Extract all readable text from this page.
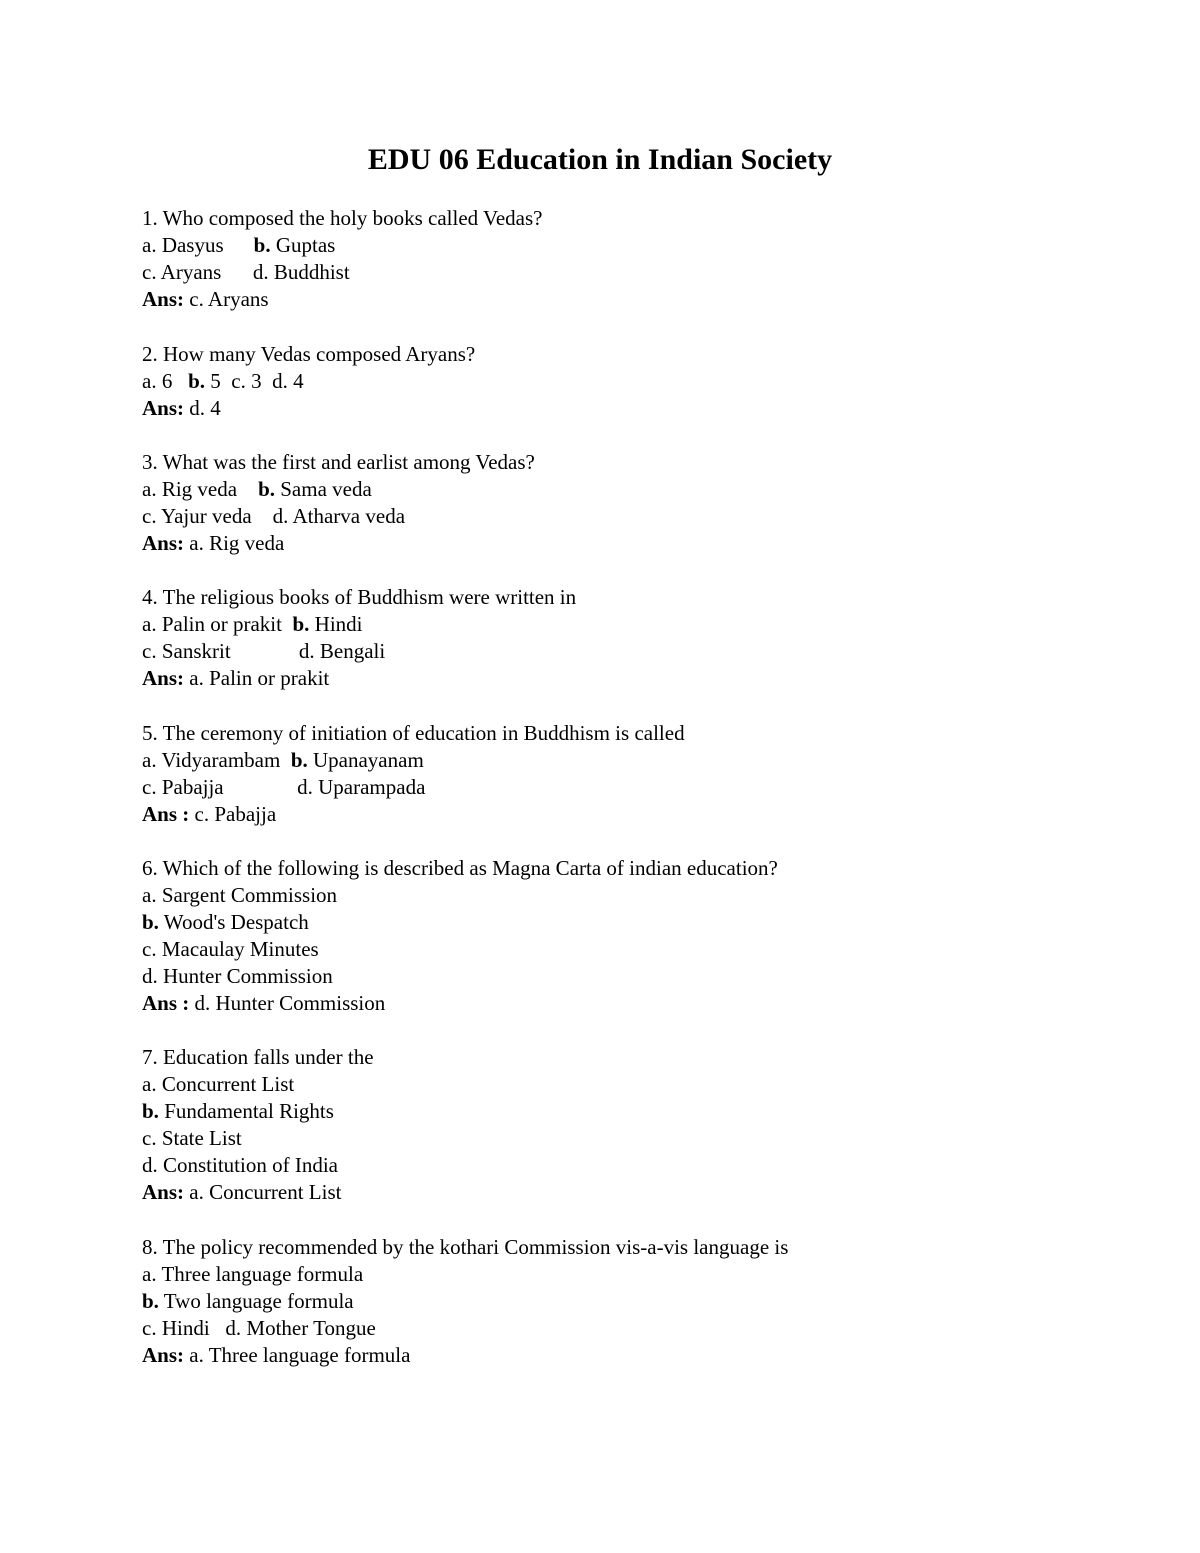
EDU 06 Education in Indian Society
1. Who composed the holy books called Vedas?
a. Dasyus b. Guptas
c. Aryans      d. Buddhist
Ans: c. Aryans
2. How many Vedas composed Aryans?
a. 6   b. 5  c. 3  d. 4
Ans: d. 4
3. What was the first and earlist among Vedas?
a. Rig veda    b. Sama veda
c. Yajur veda    d. Atharva veda
Ans: a. Rig veda
4. The religious books of Buddhism were written in
a. Palin or prakit  b. Hindi
c. Sanskrit             d. Bengali
Ans: a. Palin or prakit
5. The ceremony of initiation of education in Buddhism is called
a. Vidyarambam  b. Upanayanam
c. Pabajja              d. Uparampada
Ans : c. Pabajja
6. Which of the following is described as Magna Carta of indian education?
a. Sargent Commission
b. Wood's Despatch
c. Macaulay Minutes
d. Hunter Commission
Ans : d. Hunter Commission
7. Education falls under the
a. Concurrent List
b. Fundamental Rights
c. State List
d. Constitution of India
Ans: a. Concurrent List
8. The policy recommended by the kothari Commission vis-a-vis language is
a. Three language formula
b. Two language formula
c. Hindi   d. Mother Tongue
Ans: a. Three language formula
